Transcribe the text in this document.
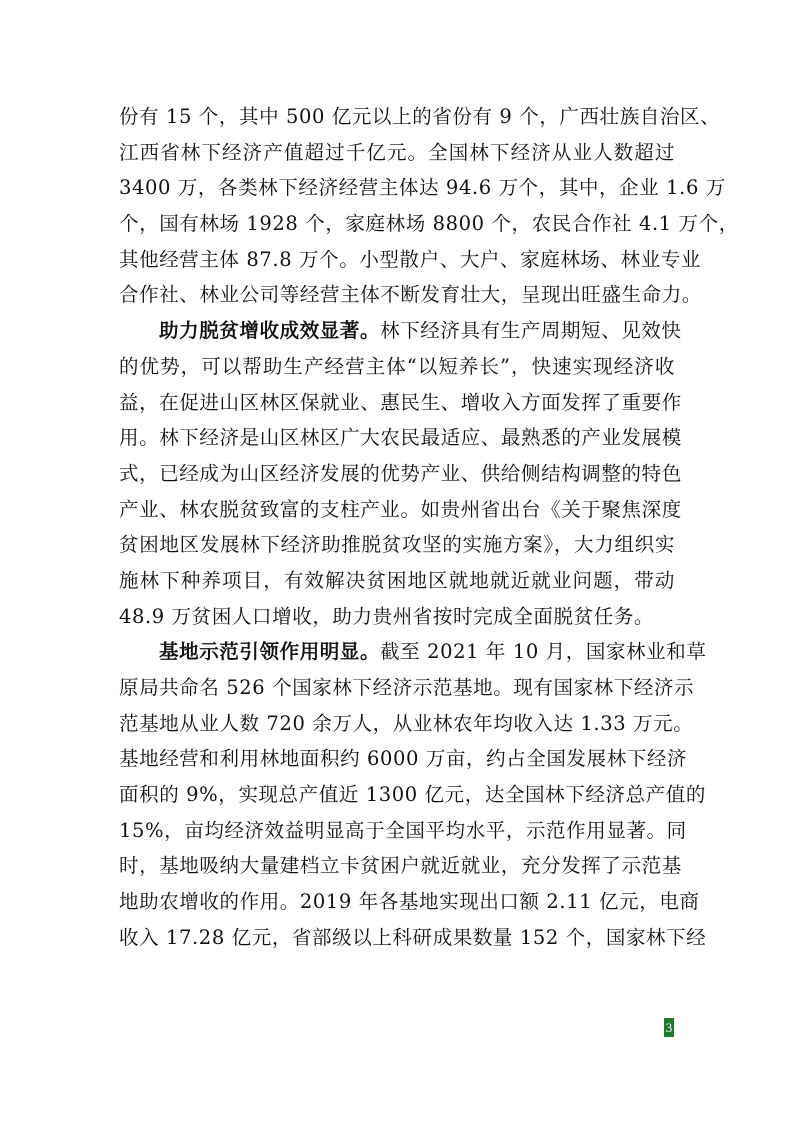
份有 15 个，其中 500 亿元以上的省份有 9 个，广西壮族自治区、
江西省林下经济产值超过千亿元。全国林下经济从业人数超过
3400 万，各类林下经济经营主体达 94.6 万个，其中，企业 1.6 万
个，国有林场 1928 个，家庭林场 8800 个，农民合作社 4.1 万个，
其他经营主体 87.8 万个。小型散户、大户、家庭林场、林业专业
合作社、林业公司等经营主体不断发育壮大，呈现出旺盛生命力。
助力脱贫增收成效显著。林下经济具有生产周期短、见效快
的优势，可以帮助生产经营主体“以短养长”，快速实现经济收
益，在促进山区林区保就业、惠民生、增收入方面发挥了重要作
用。林下经济是山区林区广大农民最适应、最熟悉的产业发展模
式，已经成为山区经济发展的优势产业、供给侧结构调整的特色
产业、林农脱贫致富的支柱产业。如贵州省出台《关于聚焦深度
贫困地区发展林下经济助推脱贫攻坚的实施方案》，大力组织实
施林下种养项目，有效解决贫困地区就地就近就业问题，带动
48.9 万贫困人口增收，助力贵州省按时完成全面脱贫任务。
基地示范引领作用明显。截至 2021 年 10 月，国家林业和草
原局共命名 526 个国家林下经济示范基地。现有国家林下经济示
范基地从业人数 720 余万人，从业林农年均收入达 1.33 万元。
基地经营和利用林地面积约 6000 万亩，约占全国发展林下经济
面积的 9%，实现总产值近 1300 亿元，达全国林下经济总产值的
15%，亩均经济效益明显高于全国平均水平，示范作用显著。同
时，基地吸纳大量建档立卡贫困户就近就业，充分发挥了示范基
地助农增收的作用。2019 年各基地实现出口额 2.11 亿元，电商
收入 17.28 亿元，省部级以上科研成果数量 152 个，国家林下经
3
